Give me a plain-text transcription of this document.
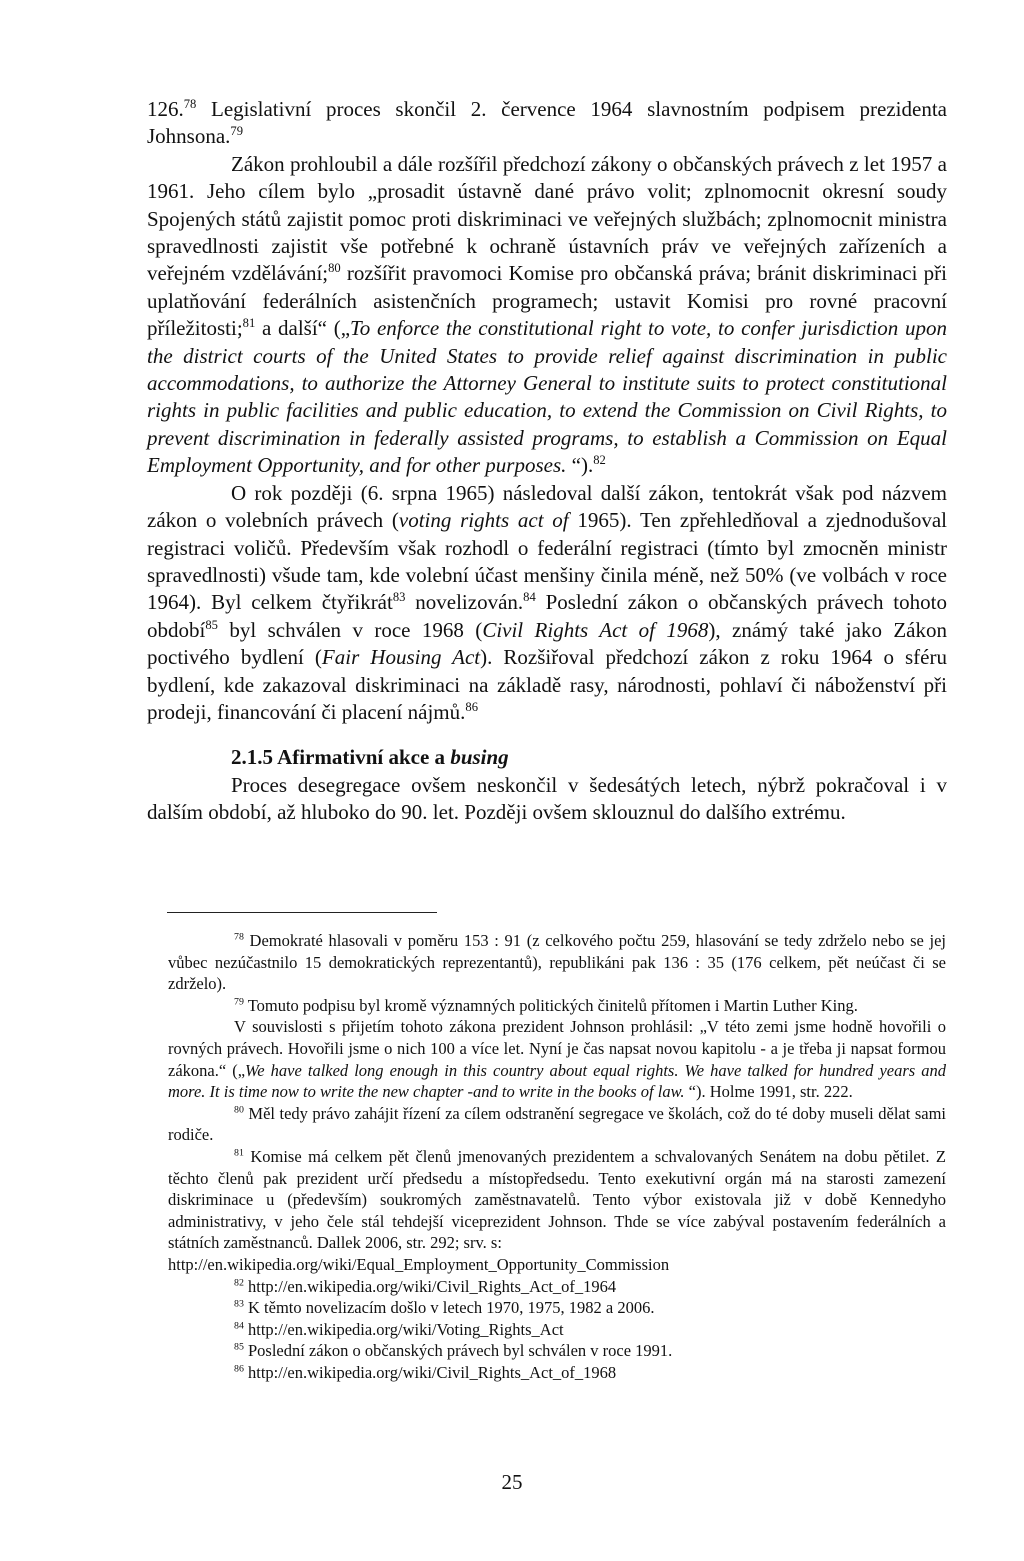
126.78 Legislativní proces skončil 2. července 1964 slavnostním podpisem prezidenta Johnsona.$^{79}$

Zákon prohloubil a dále rozšířil předchozí zákony o občanských právech z let 1957 a 1961. Jeho cílem bylo „prosadit ústavně dané právo volit; zplnomocnit okresní soudy Spojených států zajistit pomoc proti diskriminaci ve veřejných službách; zplnomocnit ministra spravedlnosti zajistit vše potřebné k ochraně ústavních práv ve veřejných zařízeních a veřejném vzdělávání;$^{80}$ rozšířit pravomoci Komise pro občanská práva; bránit diskriminaci při uplatňování federálních asistenčních programech; ustavit Komisi pro rovné pracovní příležitosti;$^{81}$ a další“ („To enforce the constitutional right to vote, to confer jurisdiction upon the district courts of the United States to provide relief against discrimination in public accommodations, to authorize the Attorney General to institute suits to protect constitutional rights in public facilities and public education, to extend the Commission on Civil Rights, to prevent discrimination in federally assisted programs, to establish a Commission on Equal Employment Opportunity, and for other purposes. “).$^{82}$

O rok později (6. srpna 1965) následoval další zákon, tentokrát však pod názvem zákon o volebních právech (voting rights act of 1965). Ten zpřehledňoval a zjednodušoval registraci voličů. Především však rozhodl o federální registraci (tímto byl zmocněn ministr spravedlnosti) všude tam, kde volební účast menšiny činila méně, než 50% (ve volbách v roce 1964). Byl celkem čtyřikrát$^{83}$ novelizován.$^{84}$ Poslední zákon o občanských právech tohoto období$^{85}$ byl schválen v roce 1968 (Civil Rights Act of 1968), známý také jako Zákon poctivého bydlení (Fair Housing Act). Rozšiřoval předchozí zákon z roku 1964 o sféru bydlení, kde zakazoval diskriminaci na základě rasy, národnosti, pohlaví či náboženství při prodeji, financování či placení nájmů.$^{86}$

2.1.5 Afirmativní akce a busing

Proces desegregace ovšem neskončil v šedesátých letech, nýbrž pokračoval i v dalším období, až hluboko do 90. let. Později ovšem sklouznul do dalšího extrému.

$^{78}$ Demokraté hlasovali v poměru 153 : 91 (z celkového počtu 259, hlasování se tedy zdrželo nebo se jej vůbec nezúčastnilo 15 demokratických reprezentantů), republikáni pak 136 : 35 (176 celkem, pět neúčast či se zdrželo).

$^{79}$ Tomuto podpisu byl kromě významných politických činitelů přítomen i Martin Luther King.

V souvislosti s přijetím tohoto zákona prezident Johnson prohlásil: „V této zemi jsme hodně hovořili o rovných právech. Hovořili jsme o nich 100 a více let. Nyní je čas napsat novou kapitolu - a je třeba ji napsat formou zákona.“ („We have talked long enough in this country about equal rights. We have talked for hundred years and more. It is time now to write the new chapter -and to write in the books of law. “). Holme 1991, str. 222.

$^{80}$ Měl tedy právo zahájit řízení za cílem odstranění segregace ve školách, což do té doby museli dělat sami rodiče.

$^{81}$ Komise má celkem pět členů jmenovaných prezidentem a schvalovaných Senátem na dobu pětilet. Z těchto členů pak prezident určí předsedu a místopředsedu. Tento exekutivní orgán má na starosti zamezení diskriminace u (především) soukromých zaměstnavatelů. Tento výbor existovala již v době Kennedyho administrativy, v jeho čele stál tehdejší viceprezident Johnson. Thde se více zabýval postavením federálních a státních zaměstnanců. Dallek 2006, str. 292; srv. s:

http://en.wikipedia.org/wiki/Equal_Employment_Opportunity_Commission

$^{82}$ http://en.wikipedia.org/wiki/Civil_Rights_Act_of_1964

$^{83}$ K těmto novelizacím došlo v letech 1970, 1975, 1982 a 2006.

$^{84}$ http://en.wikipedia.org/wiki/Voting_Rights_Act

$^{85}$ Poslední zákon o občanských právech byl schválen v roce 1991.

$^{86}$ http://en.wikipedia.org/wiki/Civil_Rights_Act_of_1968

25
